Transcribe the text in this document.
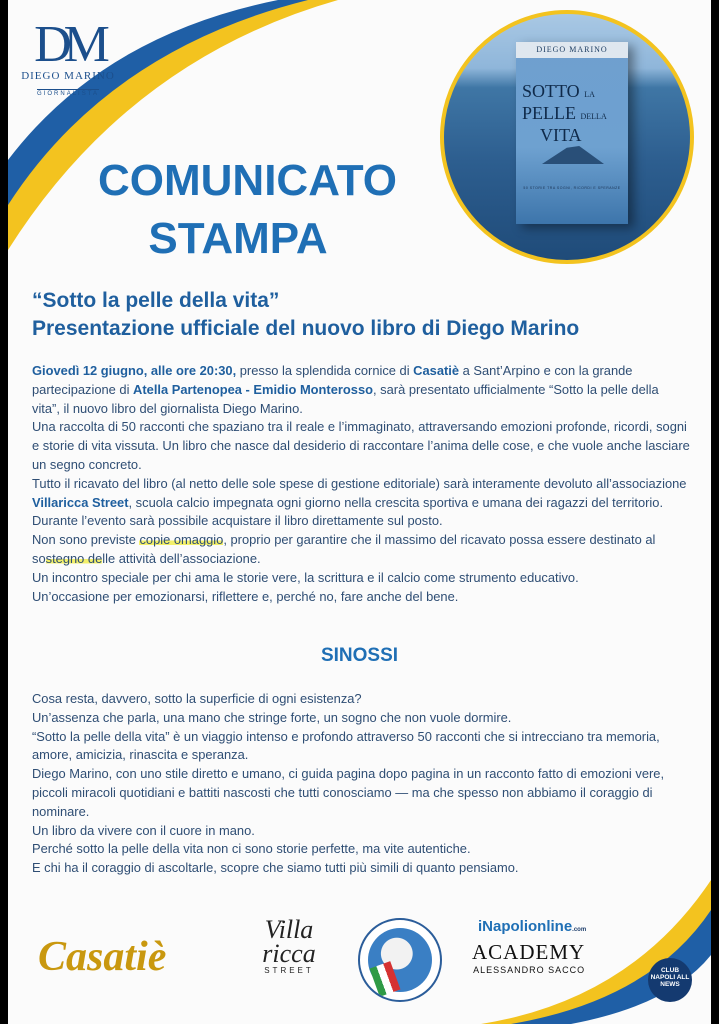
DM
DIEGO MARINO
GIORNALISTA
COMUNICATO
STAMPA
DIEGO MARINO
SOTTO LA
PELLE DELLA
VITA
50 STORIE TRA SOGNI, RICORDI E SPERANZE
“Sotto la pelle della vita”
Presentazione ufficiale del nuovo libro di Diego Marino

Giovedì 12 giugno, alle ore 20:30, presso la splendida cornice di Casatiè a Sant’Arpino e con la grande partecipazione di Atella Partenopea - Emidio Monterosso, sarà presentato ufficialmente “Sotto la pelle della vita”, il nuovo libro del giornalista Diego Marino.

Una raccolta di 50 racconti che spaziano tra il reale e l’immaginato, attraversando emozioni profonde, ricordi, sogni e storie di vita vissuta. Un libro che nasce dal desiderio di raccontare l’anima delle cose, e che vuole anche lasciare un segno concreto.

Tutto il ricavato del libro (al netto delle sole spese di gestione editoriale) sarà interamente devoluto all’associazione Villaricca Street, scuola calcio impegnata ogni giorno nella crescita sportiva e umana dei ragazzi del territorio.

Durante l’evento sarà possibile acquistare il libro direttamente sul posto.

Non sono previste copie omaggio, proprio per garantire che il massimo del ricavato possa essere destinato al sostegno delle attività dell’associazione.

Un incontro speciale per chi ama le storie vere, la scrittura e il calcio come strumento educativo.

Un’occasione per emozionarsi, riflettere e, perché no, fare anche del bene.

SINOSSI

Cosa resta, davvero, sotto la superficie di ogni esistenza?

Un’assenza che parla, una mano che stringe forte, un sogno che non vuole dormire.

“Sotto la pelle della vita” è un viaggio intenso e profondo attraverso 50 racconti che si intrecciano tra memoria, amore, amicizia, rinascita e speranza.

Diego Marino, con uno stile diretto e umano, ci guida pagina dopo pagina in un racconto fatto di emozioni vere, piccoli miracoli quotidiani e battiti nascosti che tutti conosciamo — ma che spesso non abbiamo il coraggio di nominare.

Un libro da vivere con il cuore in mano.

Perché sotto la pelle della vita non ci sono storie perfette, ma vite autentiche.

E chi ha il coraggio di ascoltarle, scopre che siamo tutti più simili di quanto pensiamo.

Casatiè
Villa
ricca
STREET
iNapolionline.com
ACADEMY
ALESSANDRO SACCO	CLUB NAPOLI ALL NEWS
